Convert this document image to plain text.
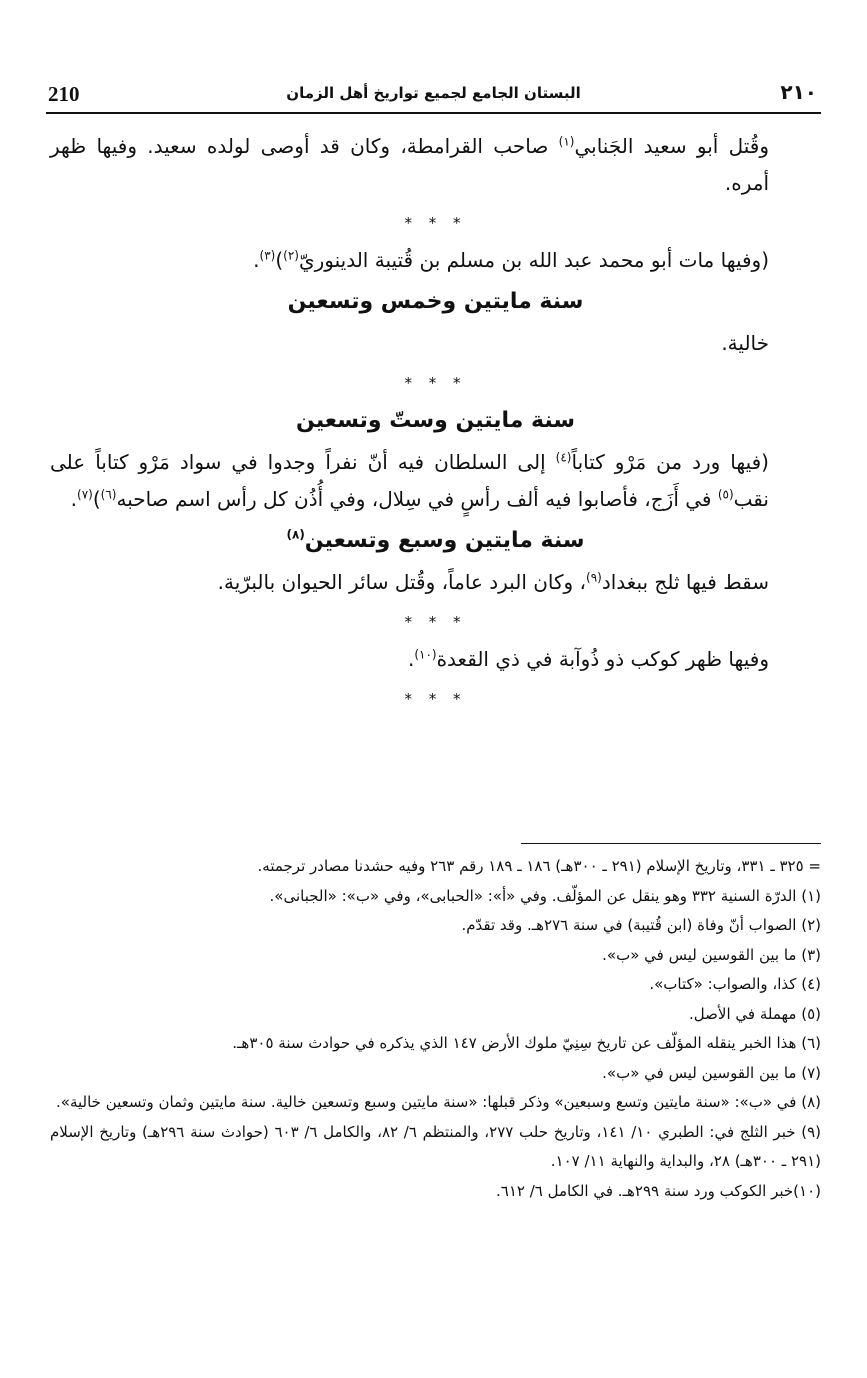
210	البستان الجامع لجميع تواريخ أهل الزمان	٢١٠

وقُتل أبو سعيد الجَنابي$^{(١)}$ صاحب القرامطة، وكان قد أوصى لولده سعيد. وفيها ظهر أمره.

* * *

(وفيها مات أبو محمد عبد الله بن مسلم بن قُتيبة الدينوريّ$^{(٢)}$)$^{(٣)}$.

سنة مايتين وخمس وتسعين

خالية.

* * *
سنة مايتين وستّ وتسعين

(فيها ورد من مَرْو كتاباً$^{(٤)}$ إلى السلطان فيه أنّ نفراً وجدوا في سواد مَرْو كتاباً على نقب$^{(٥)}$ في أَزَج، فأصابوا فيه ألف رأسٍ في سِلال، وفي أُذُن كل رأس اسم صاحبه$^{(٦)}$)$^{(٧)}$.

سنة مايتين وسبع وتسعين$^{(٨)}$

سقط فيها ثلج ببغداد$^{(٩)}$، وكان البرد عاماً، وقُتل سائر الحيوان بالبرّية.

* * *

وفيها ظهر كوكب ذو ذُوآبة في ذي القعدة$^{(١٠)}$.

* * *

= ٣٢٥ ـ ٣٣١، وتاريخ الإسلام (٢٩١ ـ ٣٠٠هـ) ١٨٦ ـ ١٨٩ رقم ٢٦٣ وفيه حشدنا مصادر ترجمته.

(١) الدرّة السنية ٣٣٢ وهو ينقل عن المؤلّف. وفي «أ»: «الحبابى»، وفي «ب»: «الجبانى».

(٢) الصواب أنّ وفاة (ابن قُتيبة) في سنة ٢٧٦هـ. وقد تقدّم.

(٣) ما بين القوسين ليس في «ب».

(٤) كذا، والصواب: «كتاب».

(٥) مهملة في الأصل.

(٦) هذا الخبر ينقله المؤلّف عن تاريخ سِنِيّ ملوك الأرض ١٤٧ الذي يذكره في حوادث سنة ٣٠٥هـ.

(٧) ما بين القوسين ليس في «ب».

(٨) في «ب»: «سنة مايتين وتسع وسبعين» وذكر قبلها: «سنة مايتين وسبع وتسعين خالية. سنة مايتين وثمان وتسعين خالية».

(٩) خبر الثلج في: الطبري ١٠/ ١٤١، وتاريخ حلب ٢٧٧، والمنتظم ٦/ ٨٢، والكامل ٦/ ٦٠٣ (حوادث سنة ٢٩٦هـ) وتاريخ الإسلام (٢٩١ ـ ٣٠٠هـ) ٢٨، والبداية والنهاية ١١/ ١٠٧.

(١٠)خبر الكوكب ورد سنة ٢٩٩هـ. في الكامل ٦/ ٦١٢.
